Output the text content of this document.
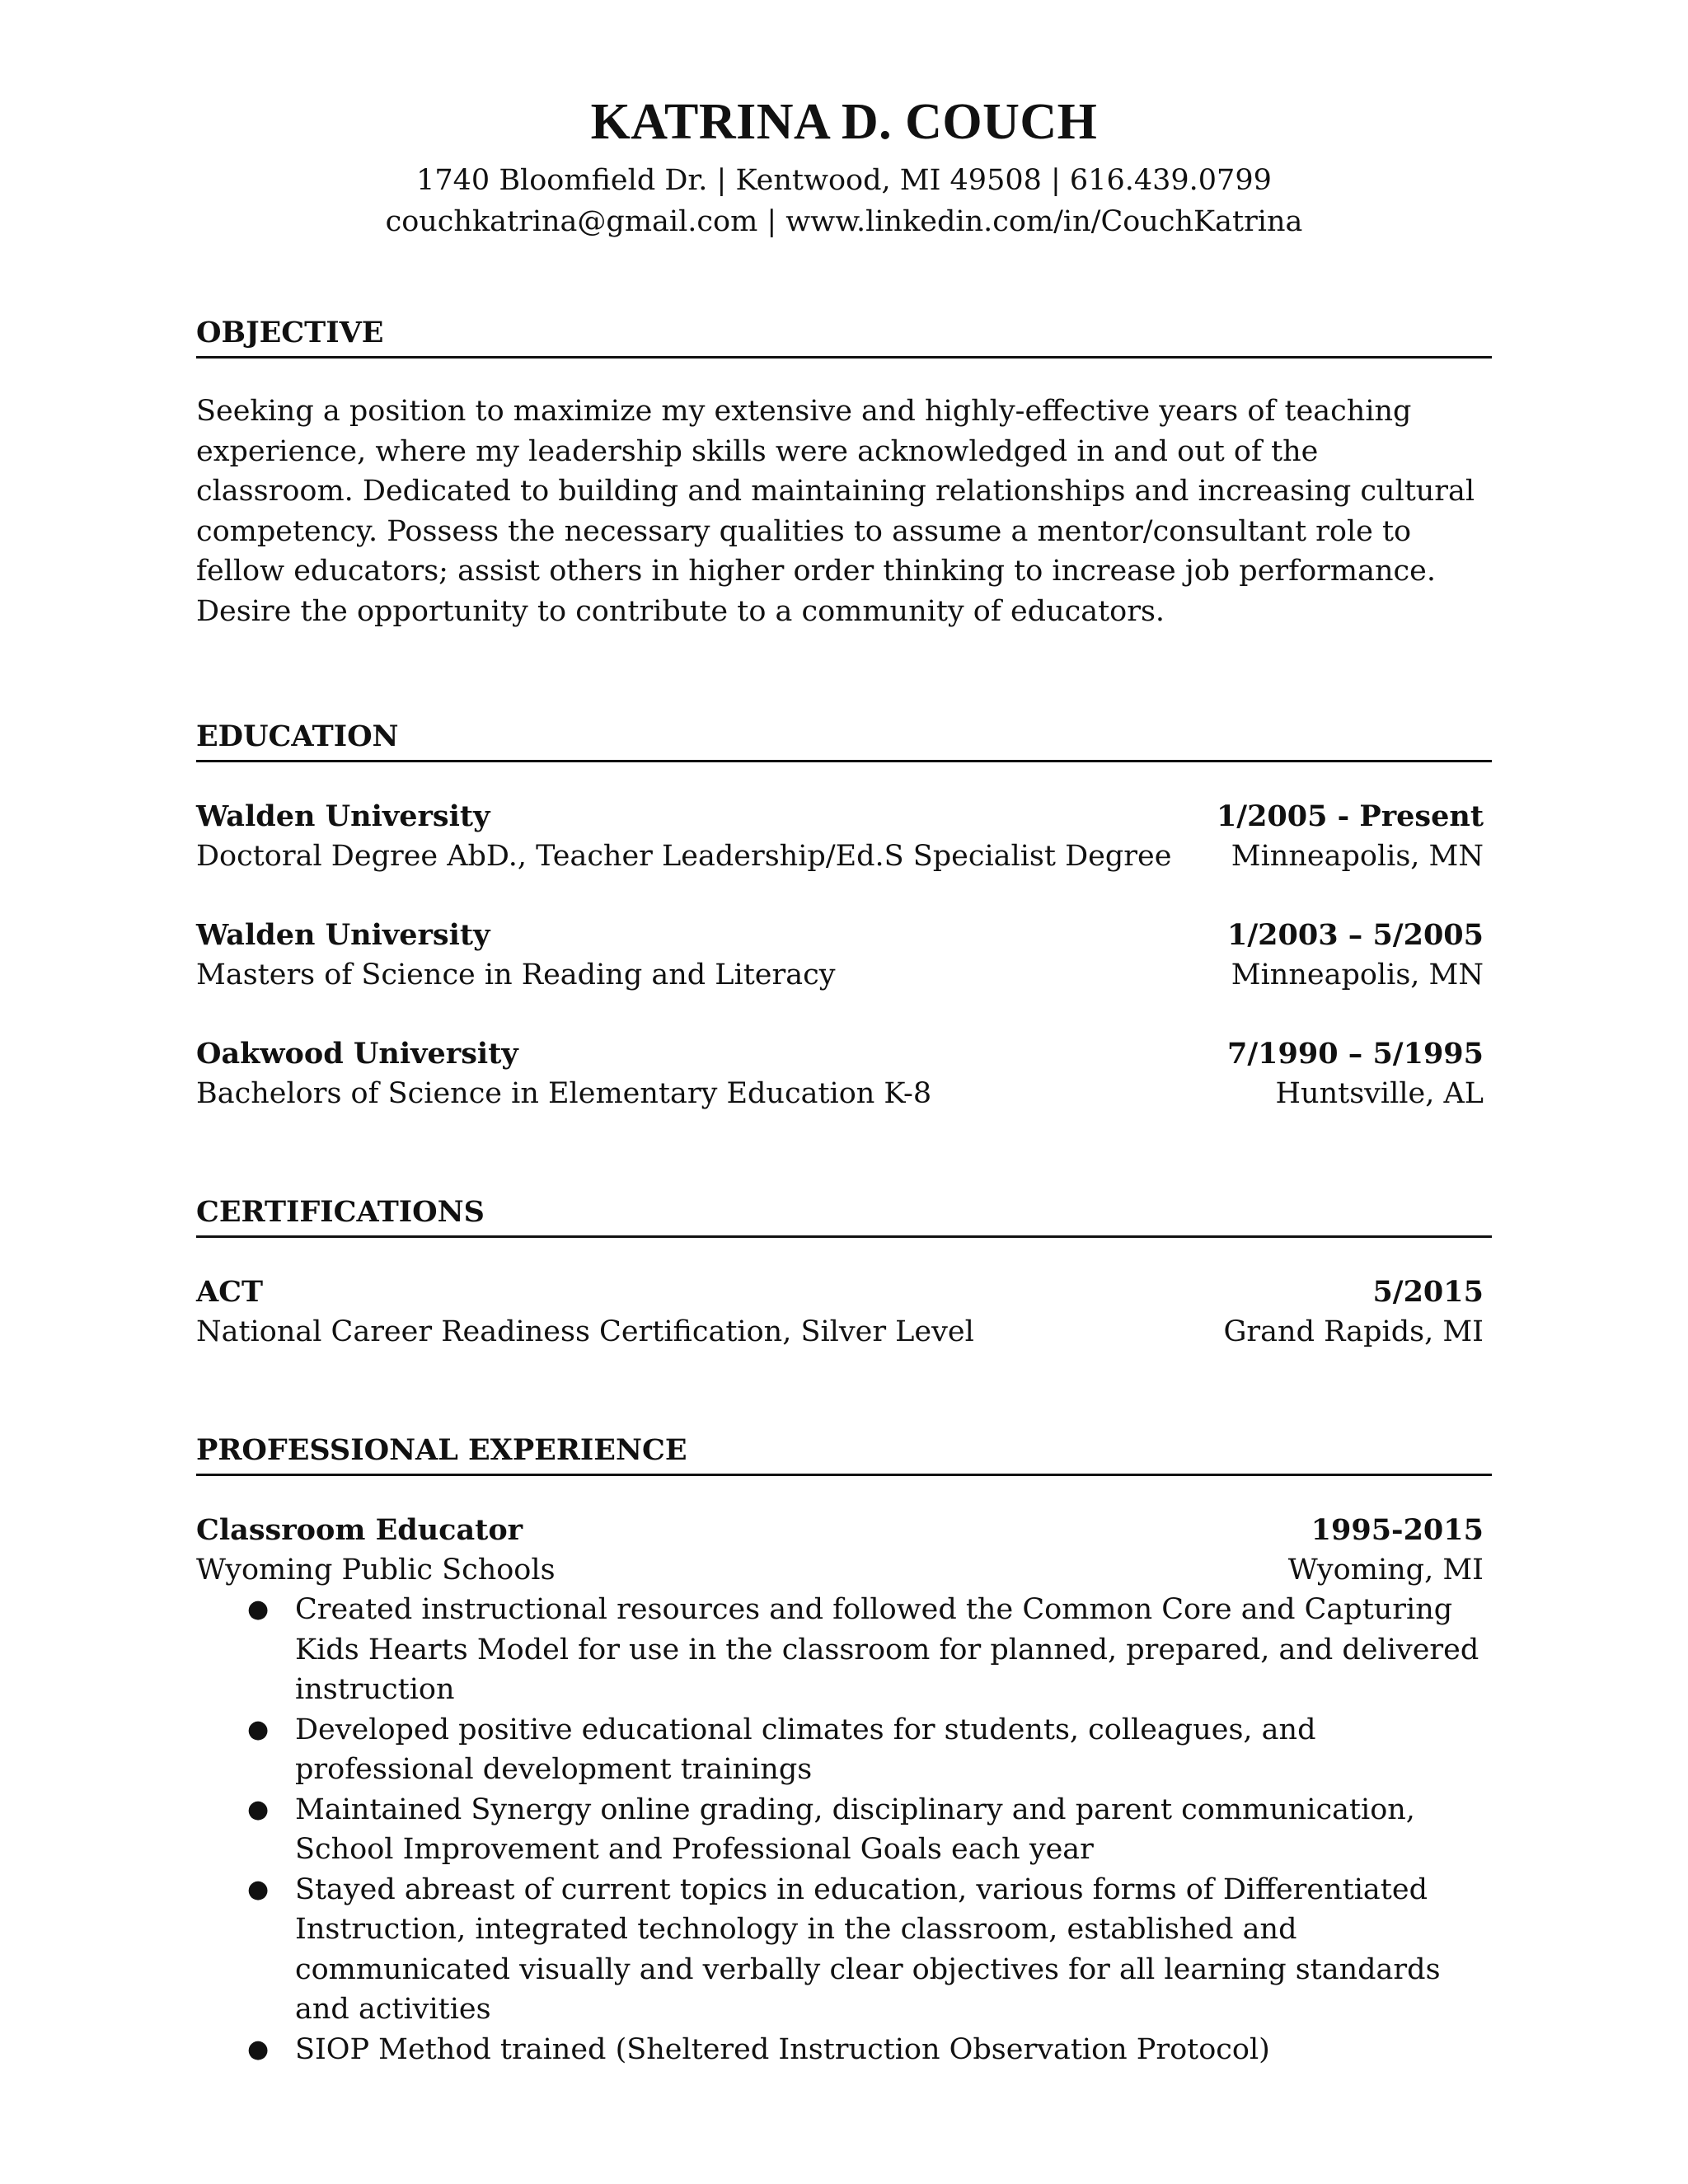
KATRINA D. COUCH

1740 Bloomfield Dr. | Kentwood, MI 49508 | 616.439.0799

couchkatrina@gmail.com | www.linkedin.com/in/CouchKatrina

OBJECTIVE

Seeking a position to maximize my extensive and highly-effective years of teaching experience, where my leadership skills were acknowledged in and out of the classroom. Dedicated to building and maintaining relationships and increasing cultural competency. Possess the necessary qualities to assume a mentor/consultant role to fellow educators; assist others in higher order thinking to increase job performance. Desire the opportunity to contribute to a community of educators.

EDUCATION
Walden University	1/2005 - Present
Doctoral Degree AbD., Teacher Leadership/Ed.S Specialist Degree Minneapolis, MN
Walden University	1/2003 – 5/2005
Masters of Science in Reading and Literacy	Minneapolis, MN
Oakwood University	7/1990 – 5/1995
Bachelors of Science in Elementary Education K-8	Huntsville, AL
CERTIFICATIONS
ACT	5/2015
National Career Readiness Certification, Silver Level	Grand Rapids, MI
PROFESSIONAL EXPERIENCE
Classroom Educator	1995-2015
Wyoming Public Schools	Wyoming, MI
● Created instructional resources and followed the Common Core and Capturing Kids Hearts Model for use in the classroom for planned, prepared, and delivered instruction
● Developed positive educational climates for students, colleagues, and professional development trainings
● Maintained Synergy online grading, disciplinary and parent communication, School Improvement and Professional Goals each year
● Stayed abreast of current topics in education, various forms of Differentiated Instruction, integrated technology in the classroom, established and communicated visually and verbally clear objectives for all learning standards and activities
● SIOP Method trained (Sheltered Instruction Observation Protocol)
